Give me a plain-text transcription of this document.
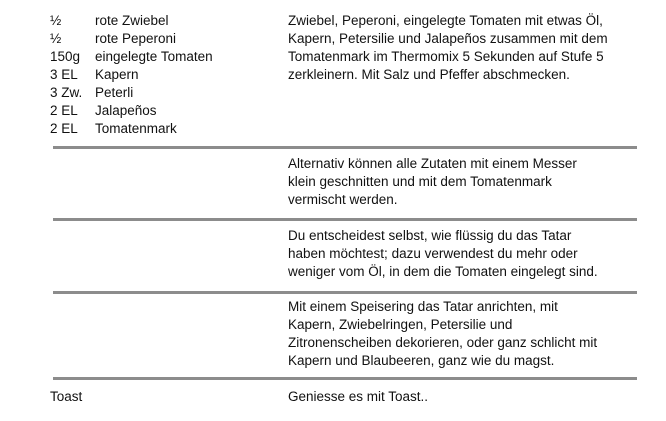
½ rote Zwiebel
½ rote Peperoni
150g eingelegte Tomaten
3 EL Kapern
3 Zw. Peterli
2 EL Jalapeños
2 EL Tomatenmark
Zwiebel, Peperoni, eingelegte Tomaten mit etwas Öl,
Kapern, Petersilie und Jalapeños zusammen mit dem
Tomatenmark im Thermomix 5 Sekunden auf Stufe 5
zerkleinern. Mit Salz und Pfeffer abschmecken.
Alternativ können alle Zutaten mit einem Messer
klein geschnitten und mit dem Tomatenmark
vermischt werden.
Du entscheidest selbst, wie flüssig du das Tatar
haben möchtest; dazu verwendest du mehr oder
weniger vom Öl, in dem die Tomaten eingelegt sind.
Mit einem Speisering das Tatar anrichten, mit
Kapern, Zwiebelringen, Petersilie und
Zitronenscheiben dekorieren, oder ganz schlicht mit
Kapern und Blaubeeren, ganz wie du magst.
Toast	Geniesse es mit Toast..
